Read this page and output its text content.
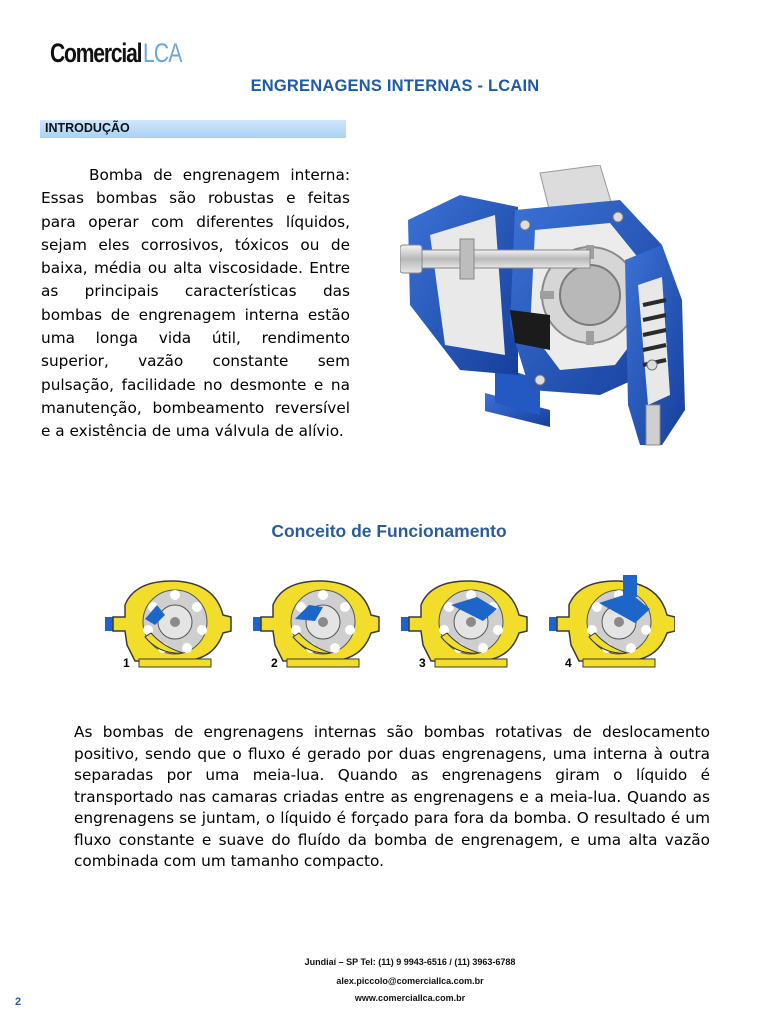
Comercial LCA
ENGRENAGENS INTERNAS - LCAIN
INTRODUÇÃO

Bomba de engrenagem interna: Essas bombas são robustas e feitas para operar com diferentes líquidos, sejam eles corrosivos, tóxicos ou de baixa, média ou alta viscosidade. Entre as principais características das bombas de engrenagem interna estão uma longa vida útil, rendimento superior, vazão constante sem pulsação, facilidade no desmonte e na manutenção, bombeamento reversível e a existência de uma válvula de alívio.

Conceito de Funcionamento
1	2	3	4

As bombas de engrenagens internas são bombas rotativas de deslocamento positivo, sendo que o fluxo é gerado por duas engrenagens, uma interna à outra separadas por uma meia-lua. Quando as engrenagens giram o líquido é transportado nas camaras criadas entre as engrenagens e a meia-lua. Quando as engrenagens se juntam, o líquido é forçado para fora da bomba. O resultado é um fluxo constante e suave do fluído da bomba de engrenagem, e uma alta vazão combinada com um tamanho compacto.

Jundiaí – SP Tel: (11) 9 9943-6516 / (11) 3963-6788
alex.piccolo@comerciallca.com.br
www.comerciallca.com.br
2
